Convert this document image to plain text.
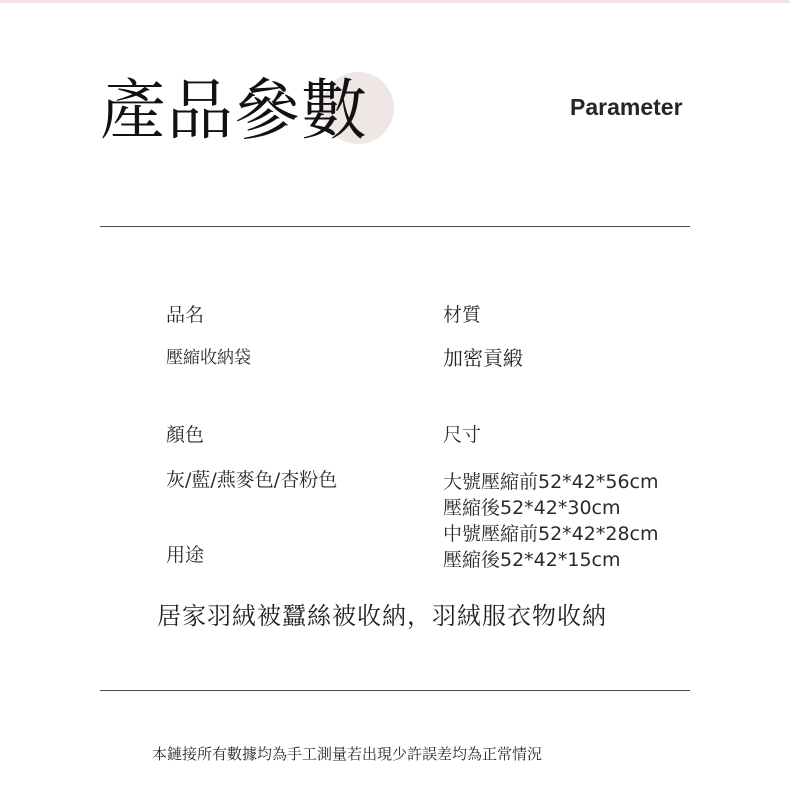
產品參數	Parameter
品名
壓縮收納袋
材質
加密貢緞
顏色
灰/藍/燕麥色/杏粉色
尺寸
大號壓縮前52*42*56cm
壓縮後52*42*30cm
中號壓縮前52*42*28cm
壓縮後52*42*15cm
用途
居家羽絨被蠶絲被收納，羽絨服衣物收納
本鏈接所有數據均為手工測量若出現少許誤差均為正常情況
